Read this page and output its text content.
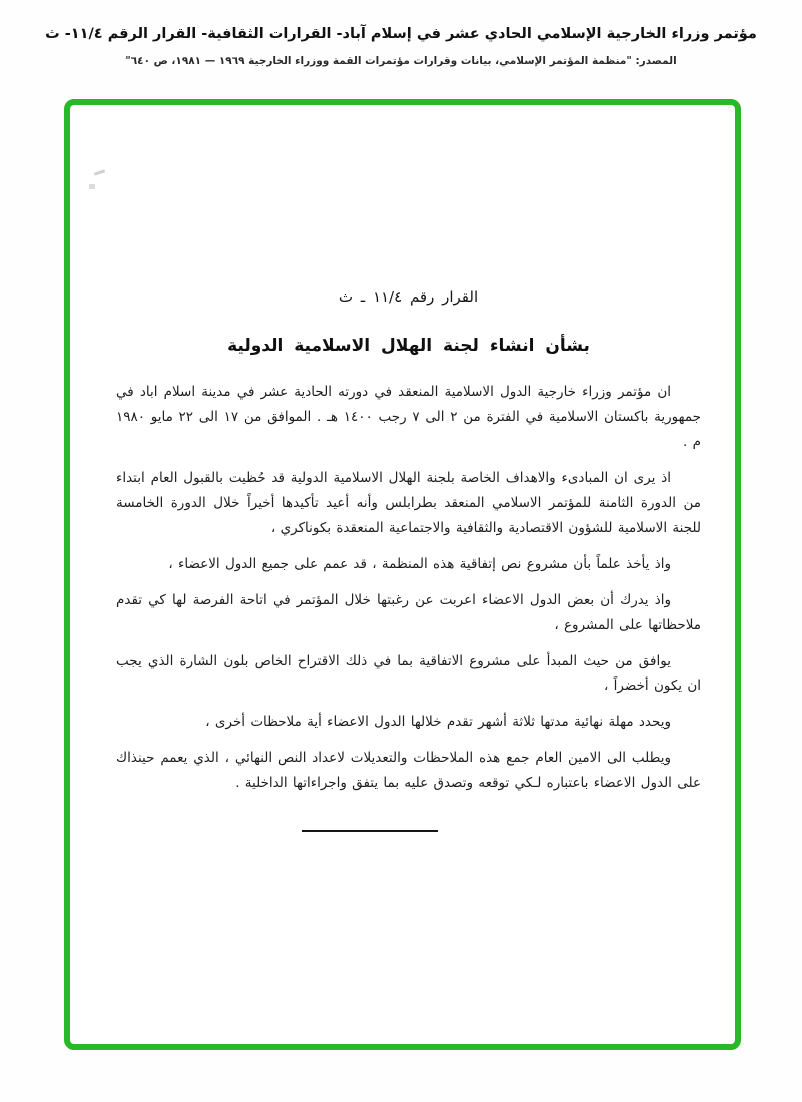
مؤتمر وزراء الخارجية الإسلامي الحادي عشر في إسلام آباد- القرارات الثقافية- القرار الرقم ١١/٤- ث
المصدر: "منظمة المؤتمر الإسلامي، بيانات وقرارات مؤتمرات القمة ووزراء الخارجية ١٩٦٩ — ١٩٨١، ص ٦٤٠"
القرار رقم ١١/٤ ـ ث
بشأن انشاء لجنة الهلال الاسلامية الدولية

ان مؤتمر وزراء خارجية الدول الاسلامية المنعقد في دورته الحادية عشر في مدينة اسلام اباد في جمهورية باكستان الاسلامية في الفترة من ٢ الى ٧ رجب ١٤٠٠ هـ . الموافق من ١٧ الى ٢٢ مايو ١٩٨٠ م .

اذ يرى ان المبادىء والاهداف الخاصة بلجنة الهلال الاسلامية الدولية قد حُظيت بالقبول العام ابتداء من الدورة الثامنة للمؤتمر الاسلامي المنعقد بطرابلس وأنه أعيد تأكيدها أخيراً خلال الدورة الخامسة للجنة الاسلامية للشؤون الاقتصادية والثقافية والاجتماعية المنعقدة بكوناكري ،

واذ يأخذ علماً بأن مشروع نص إتفاقية هذه المنظمة ، قد عمم على جميع الدول الاعضاء ،

واذ يدرك أن بعض الدول الاعضاء اعربت عن رغبتها خلال المؤتمر في اتاحة الفرصة لها كي تقدم ملاحظاتها على المشروع ،

يوافق من حيث المبدأ على مشروع الاتفاقية بما في ذلك الاقتراح الخاص بلون الشارة الذي يجب ان يكون أخضراً ،

ويحدد مهلة نهائية مدتها ثلاثة أشهر تقدم خلالها الدول الاعضاء أية ملاحظات أخرى ،

ويطلب الى الامين العام جمع هذه الملاحظات والتعديلات لاعداد النص النهائي ، الذي يعمم حينذاك على الدول الاعضاء باعتباره لـكي توقعه وتصدق عليه بما يتفق واجراءاتها الداخلية .
